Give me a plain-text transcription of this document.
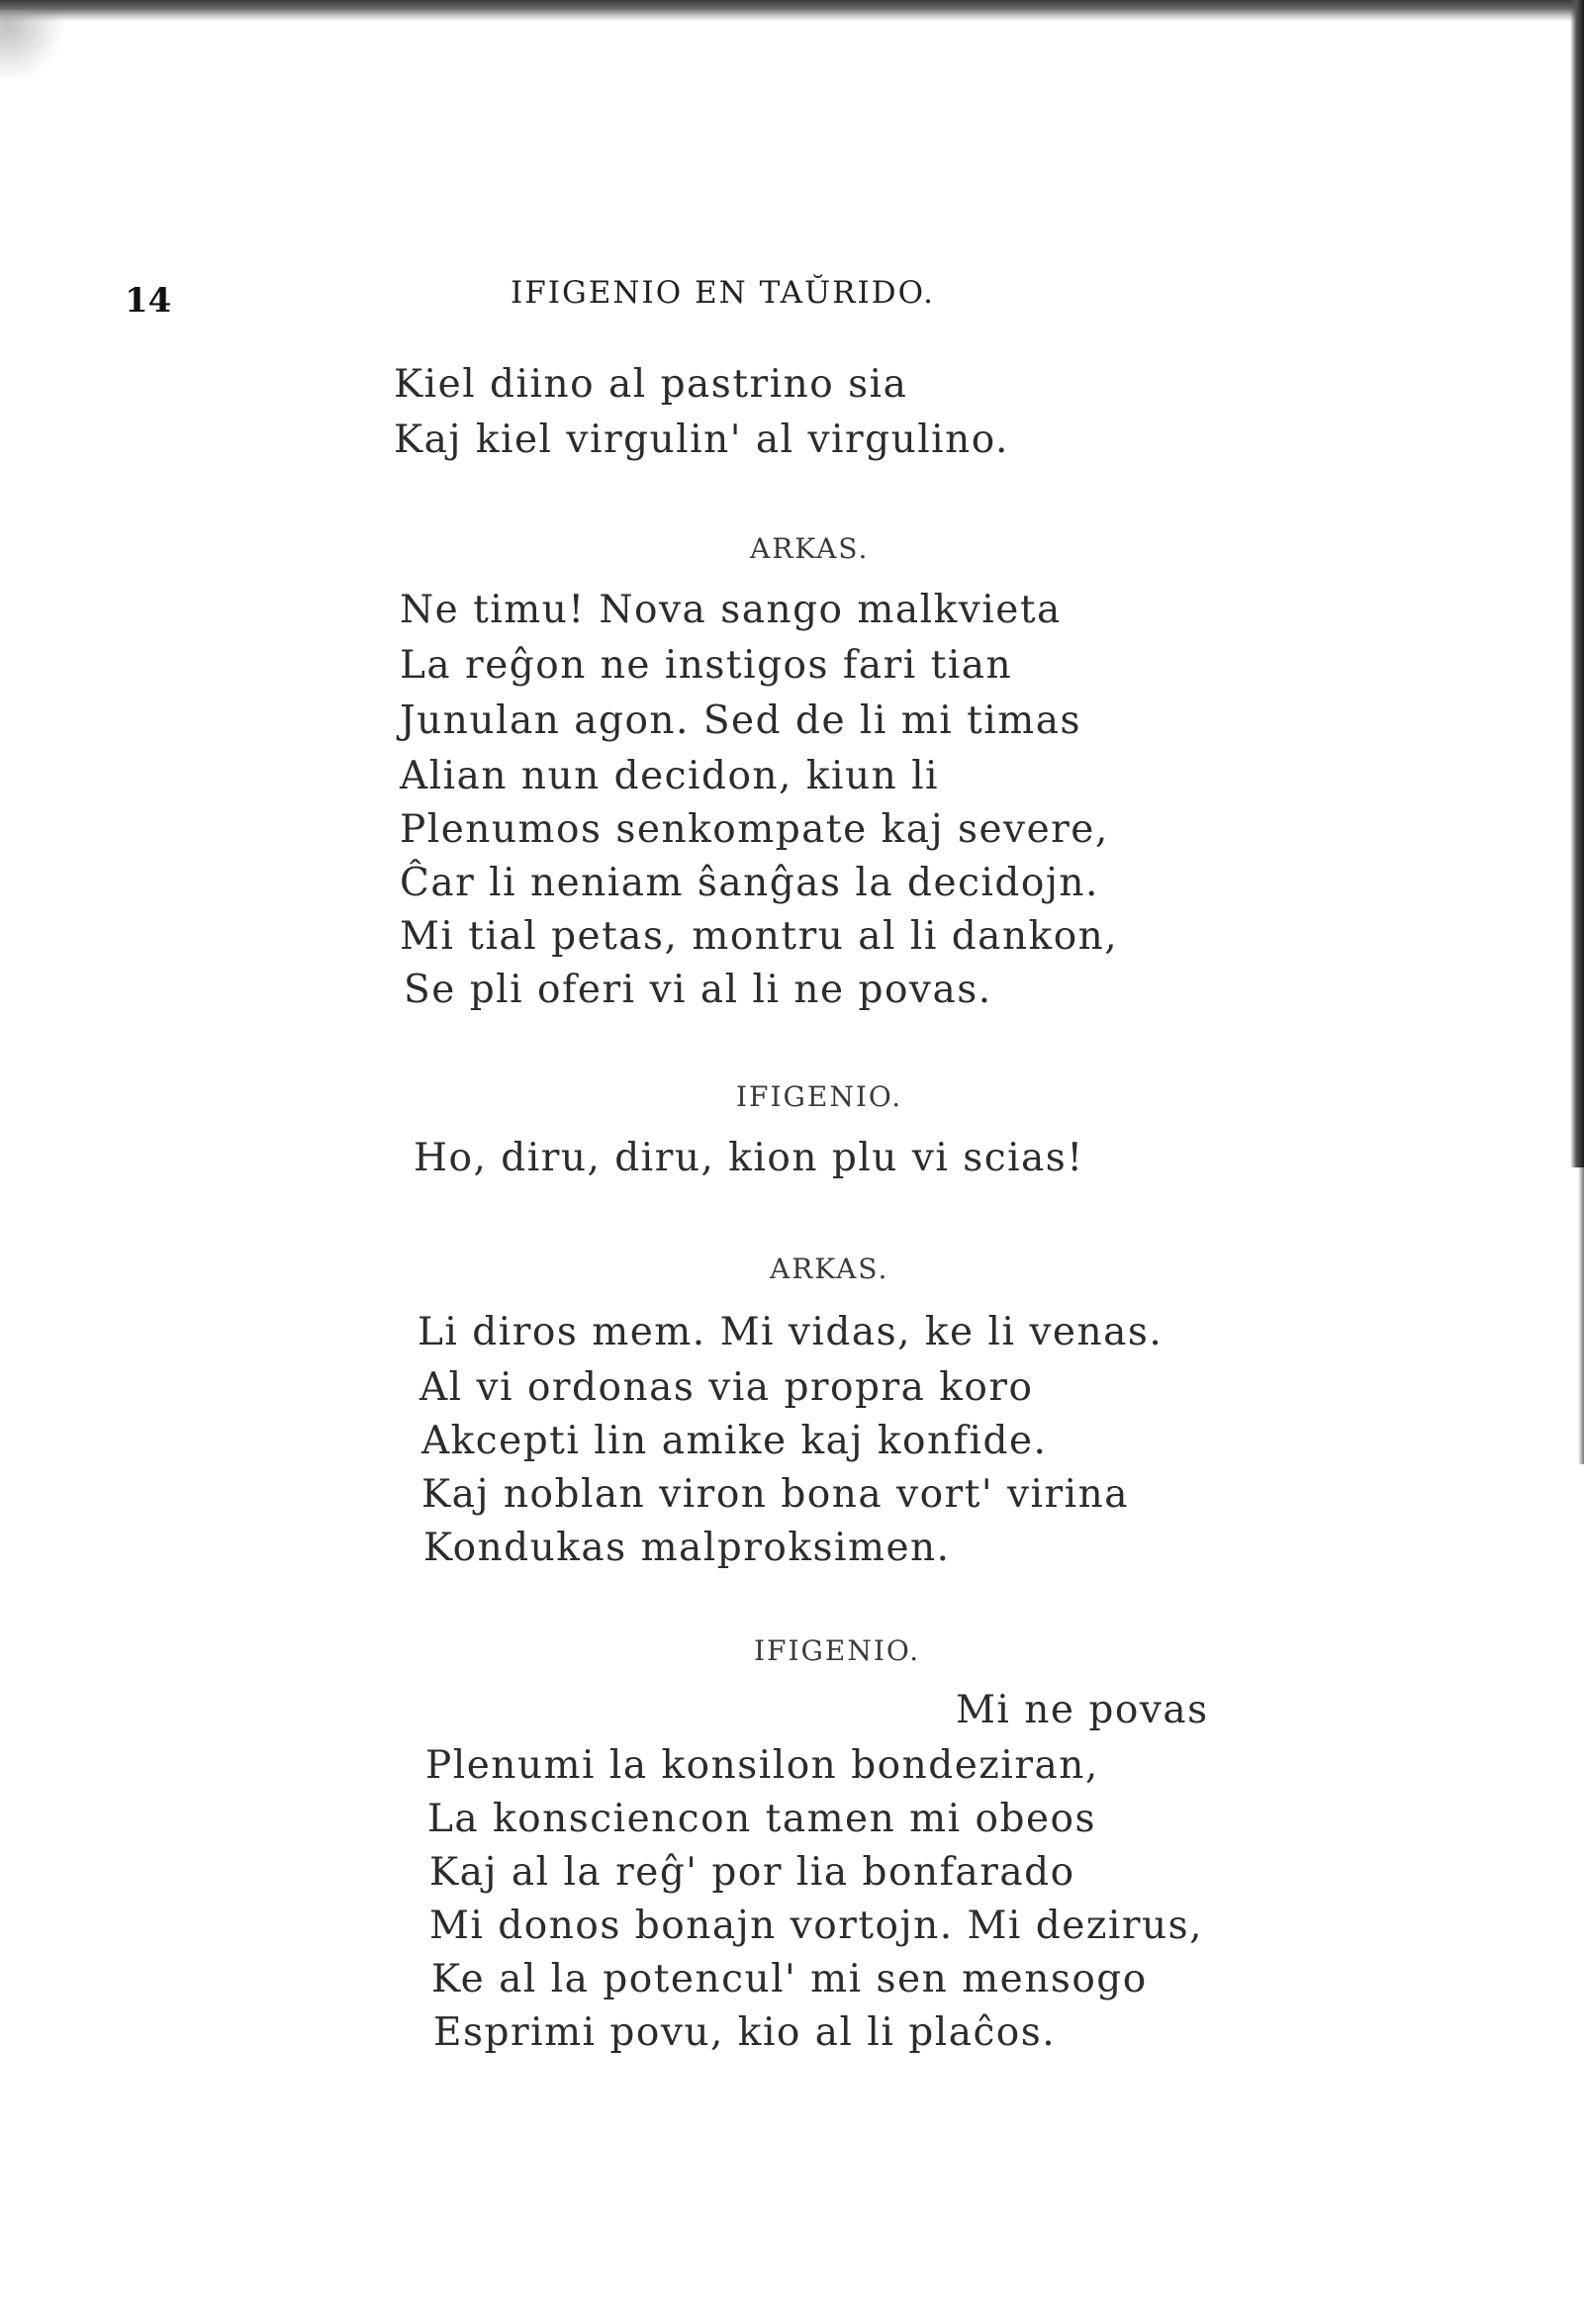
14	IFIGENIO EN TAŬRIDO.
Kiel diino al pastrino sia
Kaj kiel virgulin' al virgulino.
ARKAS.
Ne timu! Nova sango malkvieta
La reĝon ne instigos fari tian
Junulan agon. Sed de li mi timas
Alian nun decidon, kiun li
Plenumos senkompate kaj severe,
Ĉar li neniam ŝanĝas la decidojn.
Mi tial petas, montru al li dankon,
Se pli oferi vi al li ne povas.
IFIGENIO.
Ho, diru, diru, kion plu vi scias!
ARKAS.
Li diros mem. Mi vidas, ke li venas.
Al vi ordonas via propra koro
Akcepti lin amike kaj konfide.
Kaj noblan viron bona vort' virina
Kondukas malproksimen.
IFIGENIO.
Mi ne povas
Plenumi la konsilon bondeziran,
La konsciencon tamen mi obeos
Kaj al la reĝ' por lia bonfarado
Mi donos bonajn vortojn. Mi dezirus,
Ke al la potencul' mi sen mensogo
Esprimi povu, kio al li plaĉos.
